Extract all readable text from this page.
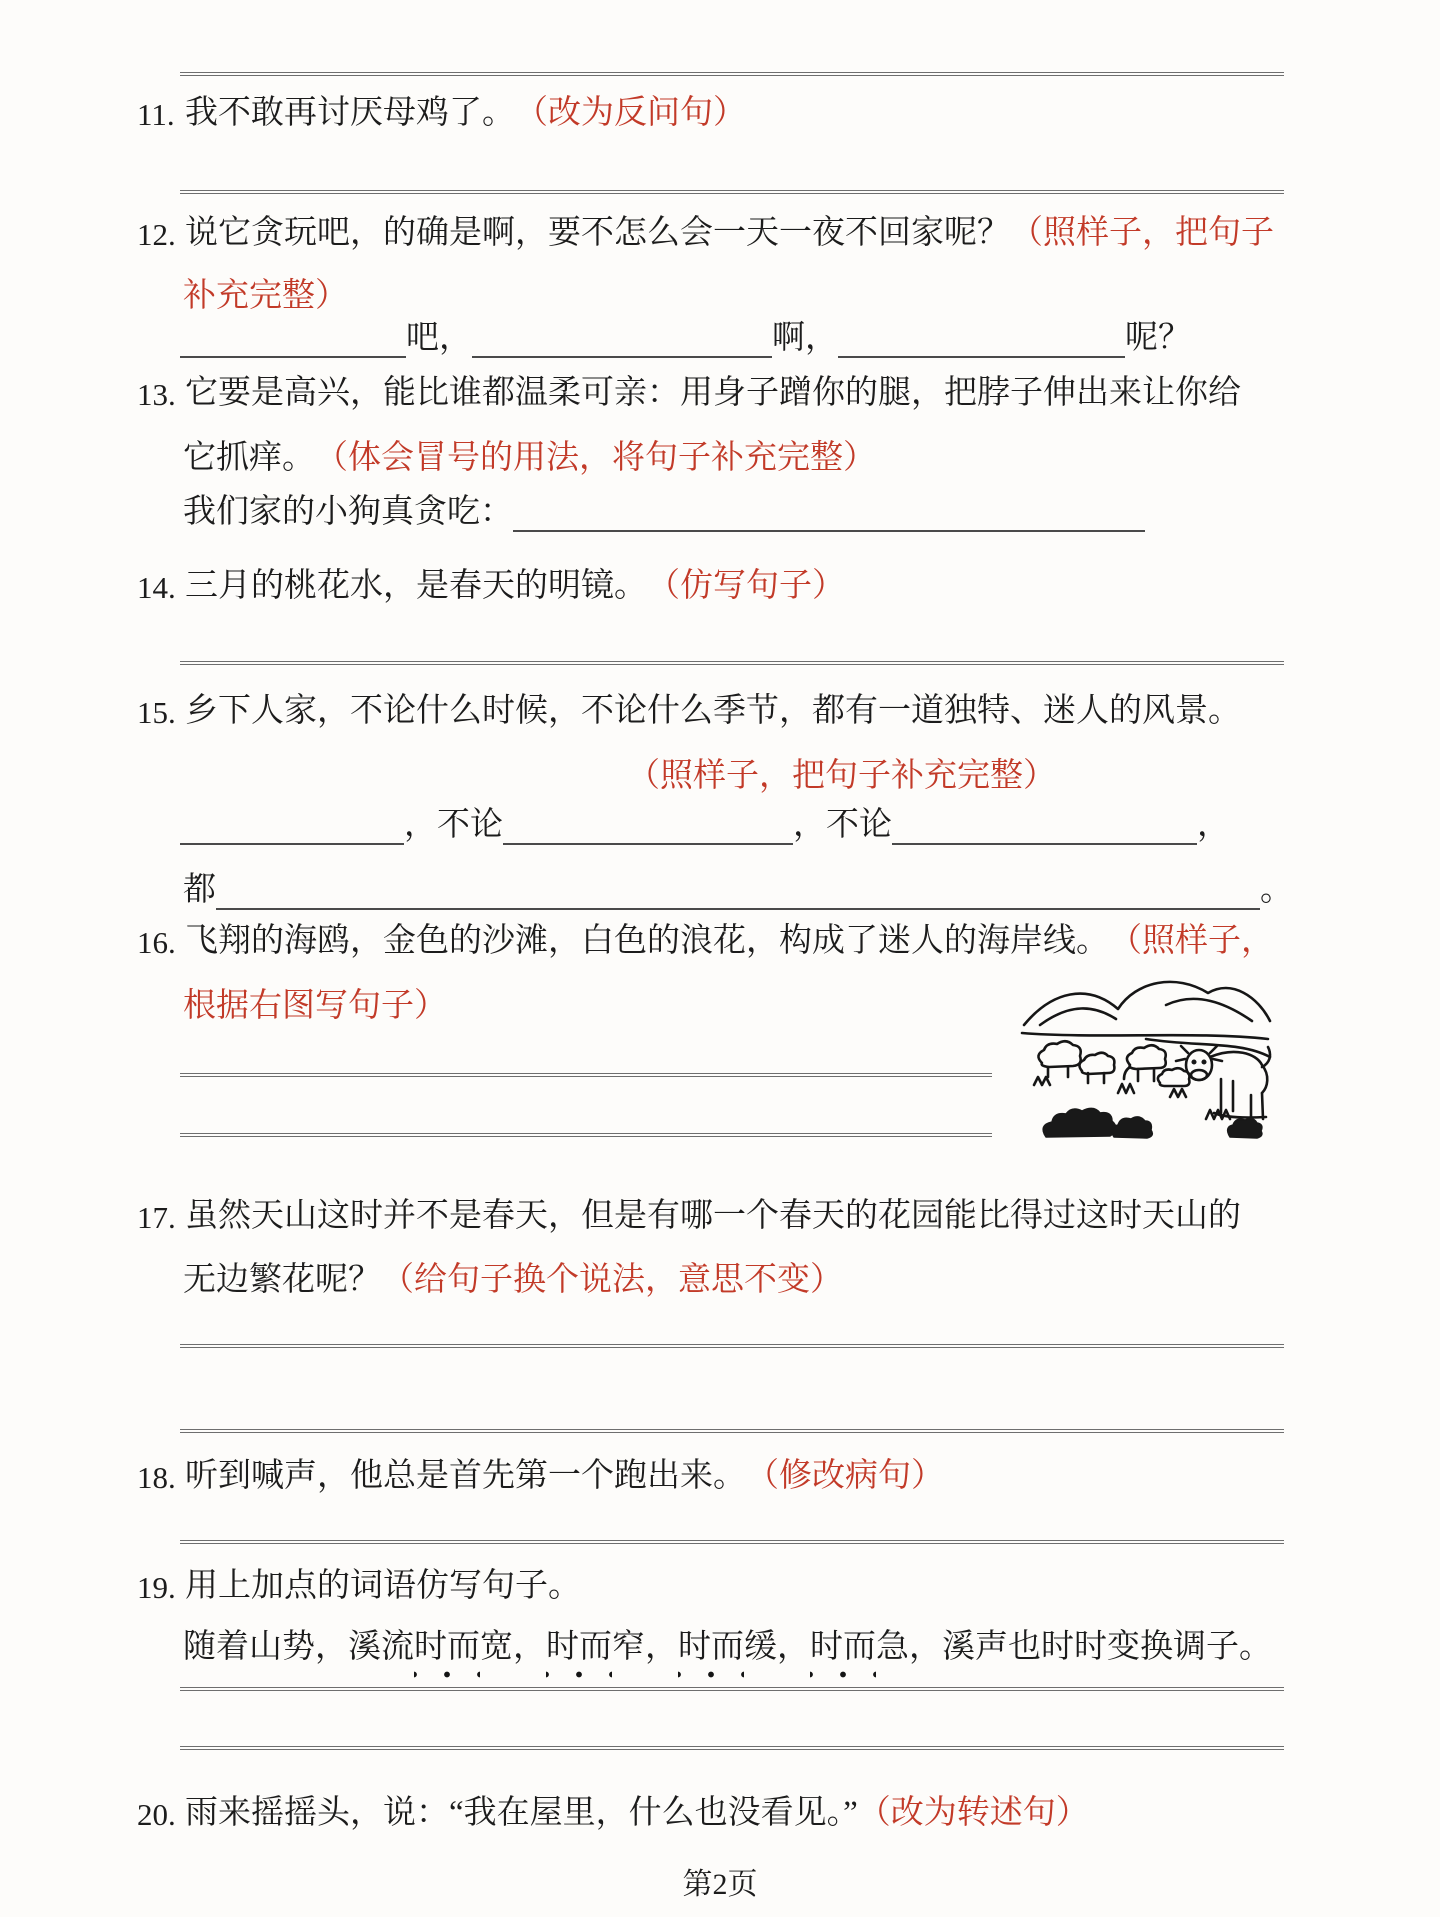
11. 我不敢再讨厌母鸡了。 （改为反问句）
12. 说它贪玩吧，的确是啊，要不怎么会一天一夜不回家呢？ （照样子，把句子
补充完整）
吧，	啊，	呢？
13. 它要是高兴，能比谁都温柔可亲：用身子蹭你的腿，把脖子伸出来让你给
它抓痒。 （体会冒号的用法，将句子补充完整）
我们家的小狗真贪吃：
14. 三月的桃花水，是春天的明镜。 （仿写句子）
15. 乡下人家，不论什么时候，不论什么季节，都有一道独特、迷人的风景。
（照样子，把句子补充完整）
，不论	，不论	，
都	。
16. 飞翔的海鸥，金色的沙滩，白色的浪花，构成了迷人的海岸线。 （照样子，
根据右图写句子）
17. 虽然天山这时并不是春天，但是有哪一个春天的花园能比得过这时天山的
无边繁花呢？ （给句子换个说法，意思不变）
18. 听到喊声，他总是首先第一个跑出来。 （修改病句）
19. 用上加点的词语仿写句子。
随着山势，溪流 时而 宽， 时而 窄， 时而 缓， 时而 急，溪声也时时变换调子。
20. 雨来摇摇头，说：“我在屋里，什么也没看见。” （改为转述句）
第2页
